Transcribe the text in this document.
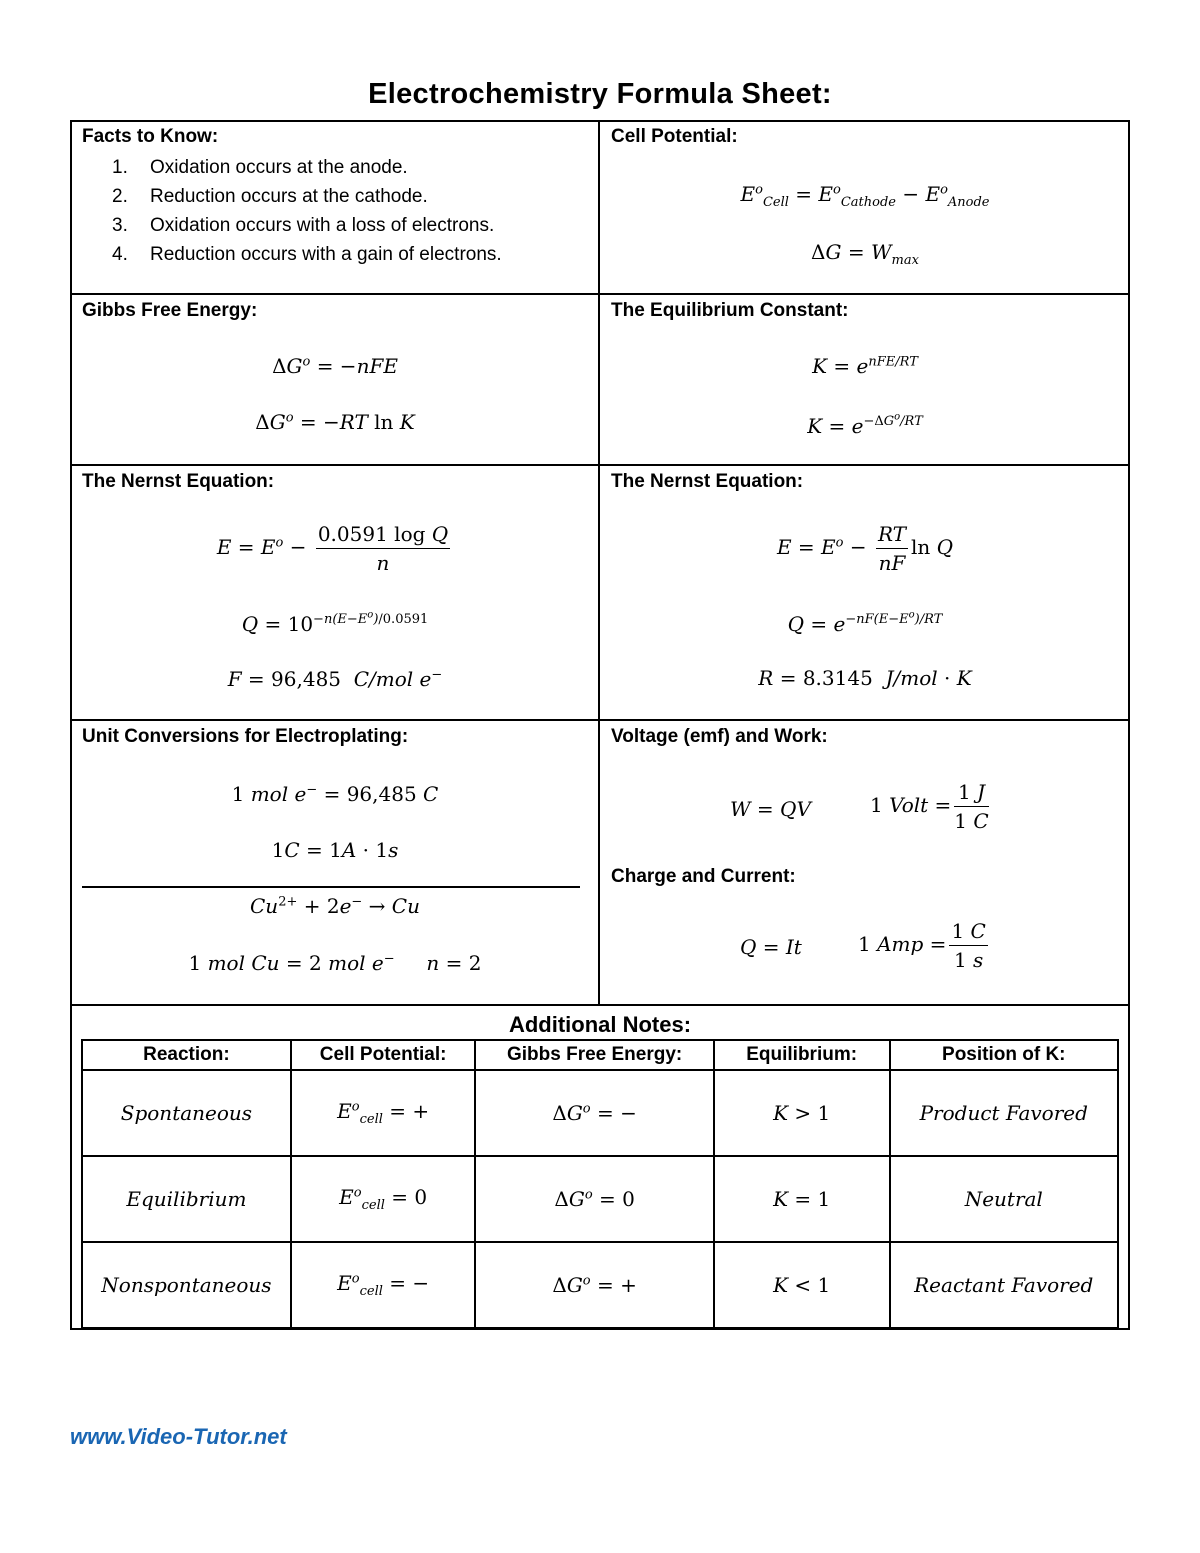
Electrochemistry Formula Sheet:
Facts to Know:
1. Oxidation occurs at the anode.
2. Reduction occurs at the cathode.
3. Oxidation occurs with a loss of electrons.
4. Reduction occurs with a gain of electrons.
Cell Potential:
$E^o_{Cell} = E^o_{Cathode} - E^o_{Anode}$
$\Delta G = W_{max}$
Gibbs Free Energy:
$\Delta G^o = -nFE$
$\Delta G^o = -RT$ ln K
The Equilibrium Constant:
$K = e^{nFE/RT}$
$K = e^{-\Delta G^o/RT}$
The Nernst Equation:
$E = E^o - \frac{\text{0.0591 log Q}}{n}$
$Q = 10^{-n(E-E^o)/0.0591}$
F = 96,485  C/mol e−
The Nernst Equation:
$E = E^o - \frac{RT}{nF}$ ln Q
$Q = e^{-nF(E-E^o)/RT}$
R = 8.3145  J/mol · K
Unit Conversions for Electroplating:
1 mol e− = 96,485 C
1C = 1A · 1s
$Cu^{2+} + 2e^- \to Cu$
1 mol Cu = 2 mol e−     n = 2
Voltage (emf) and Work:
W = QV	1 Volt = $\frac{1 J}{1 C}$
Charge and Current:
Q = It	1 Amp = $\frac{1 C}{1 s}$
Additional Notes:
Reaction:	Cell Potential:	Gibbs Free Energy:	Equilibrium:	Position of K:
Spontaneous	$E^o_{cell}$ = +	$\Delta G^o$ = −	K > 1	Product Favored
Equilibrium	$E^o_{cell} = 0$	$\Delta G^o = 0$	K = 1	Neutral
Nonspontaneous	$E^o_{cell}$ = −	$\Delta G^o$ = +	K < 1	Reactant Favored
www.Video-Tutor.net
